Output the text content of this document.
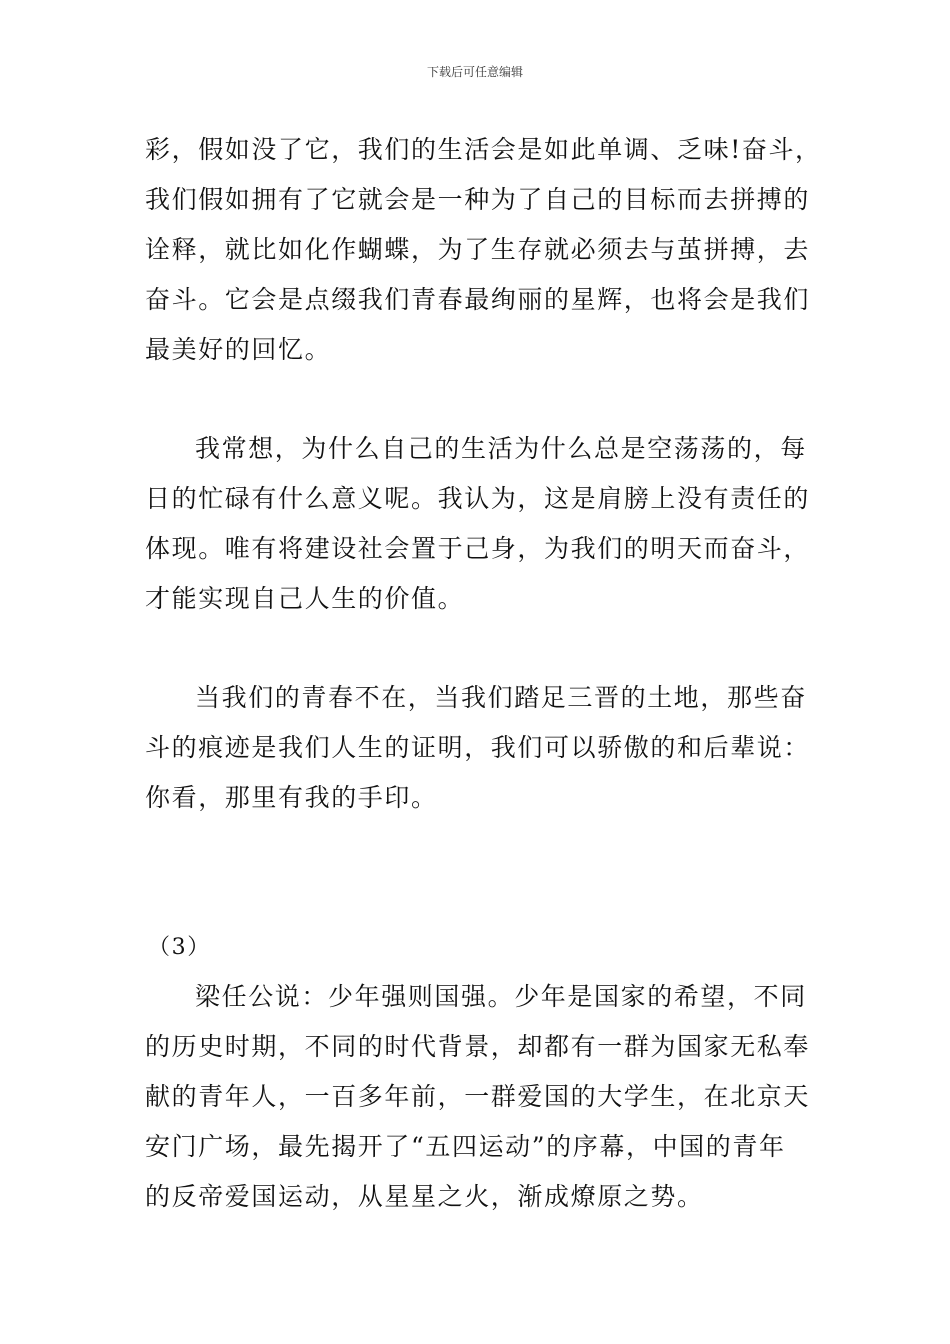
下载后可任意编辑
彩，假如没了它，我们的生活会是如此单调、乏味!奋斗，
我们假如拥有了它就会是一种为了自己的目标而去拼搏的
诠释，就比如化作蝴蝶，为了生存就必须去与茧拼搏，去
奋斗。它会是点缀我们青春最绚丽的星辉，也将会是我们
最美好的回忆。
我常想，为什么自己的生活为什么总是空荡荡的，每
日的忙碌有什么意义呢。我认为，这是肩膀上没有责任的
体现。唯有将建设社会置于己身，为我们的明天而奋斗，
才能实现自己人生的价值。
当我们的青春不在，当我们踏足三晋的土地，那些奋
斗的痕迹是我们人生的证明，我们可以骄傲的和后辈说：
你看，那里有我的手印。
（3）
梁任公说：少年强则国强。少年是国家的希望，不同
的历史时期，不同的时代背景，却都有一群为国家无私奉
献的青年人，一百多年前，一群爱国的大学生，在北京天
安门广场，最先揭开了“五四运动”的序幕，中国的青年
的反帝爱国运动，从星星之火，渐成燎原之势。
